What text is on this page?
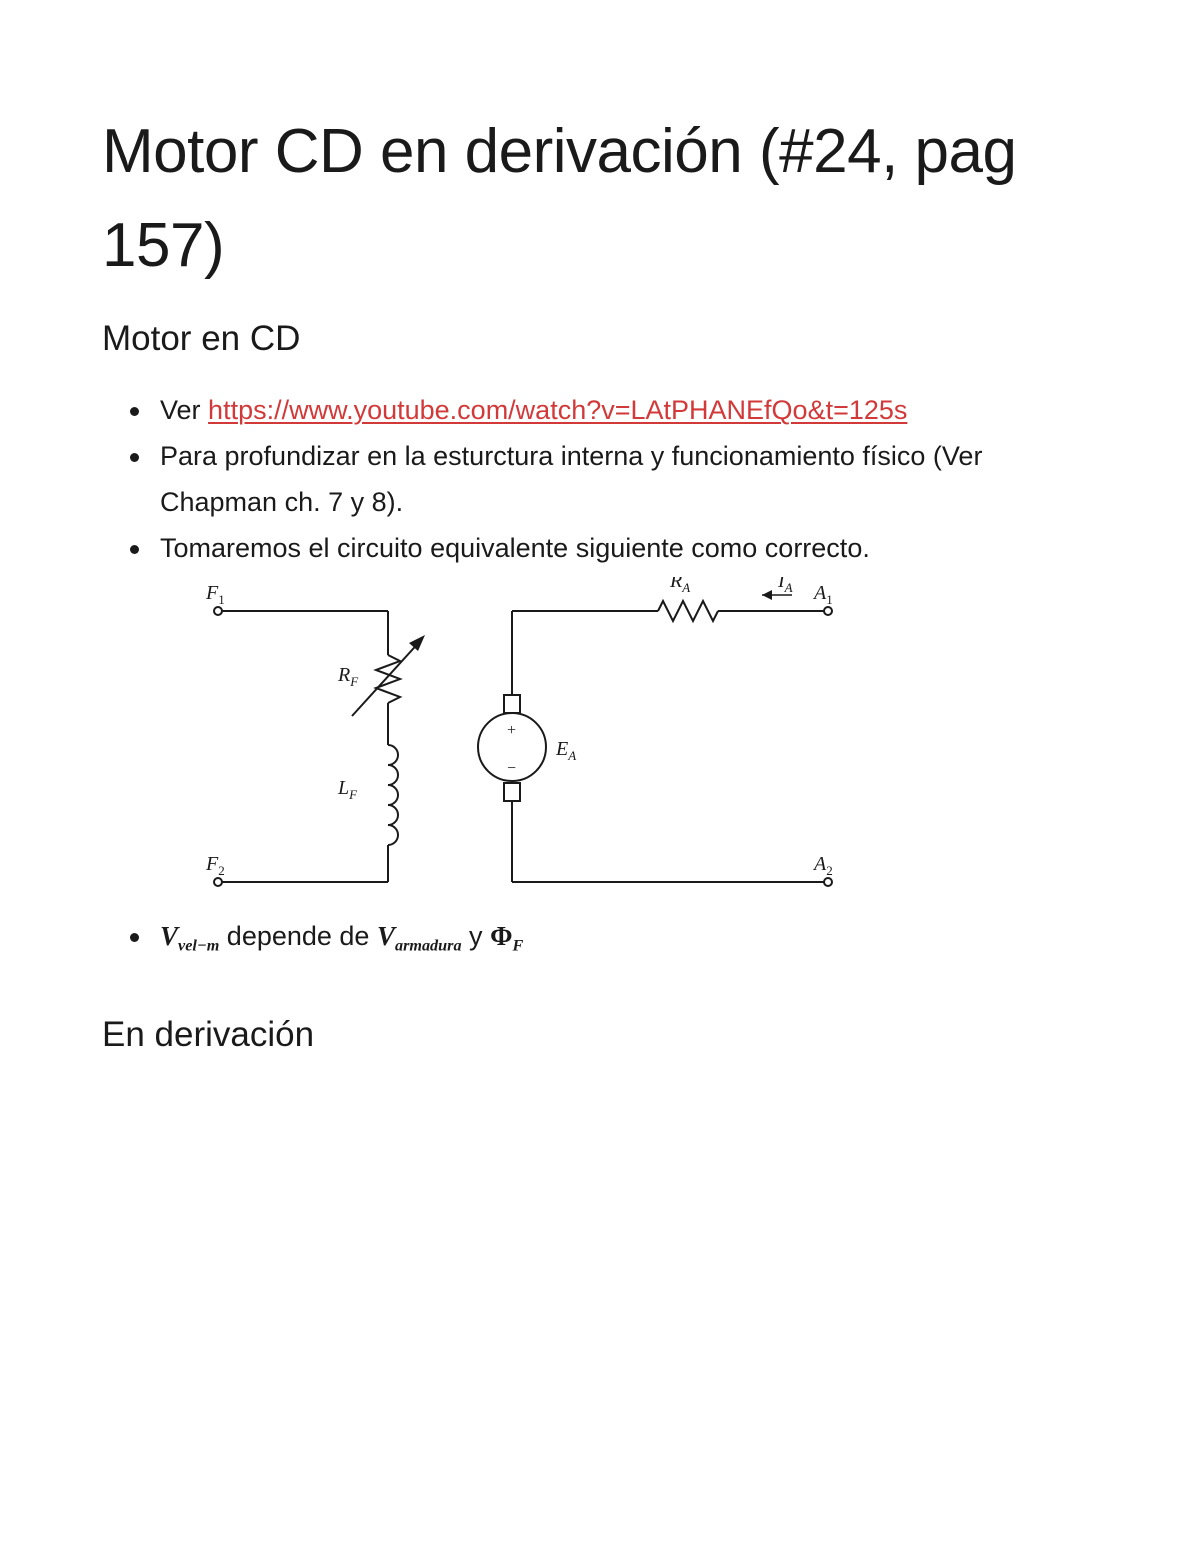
Motor CD en derivación (#24, pag 157)
Motor en CD
Ver https://www.youtube.com/watch?v=LAtPHANEfQo&t=125s
Para profundizar en la esturctura interna y funcionamiento físico (Ver Chapman ch. 7 y 8).
Tomaremos el circuito equivalente siguiente como correcto.
$F_1$
$F_2$
$R_F$
$L_F$
$R_A$	$I_A$ $A_1$
$A_2$
$E_A$
+
−
$V_{vel-m}$ depende de $V_{armadura}$ y $\Phi_F$
En derivación
